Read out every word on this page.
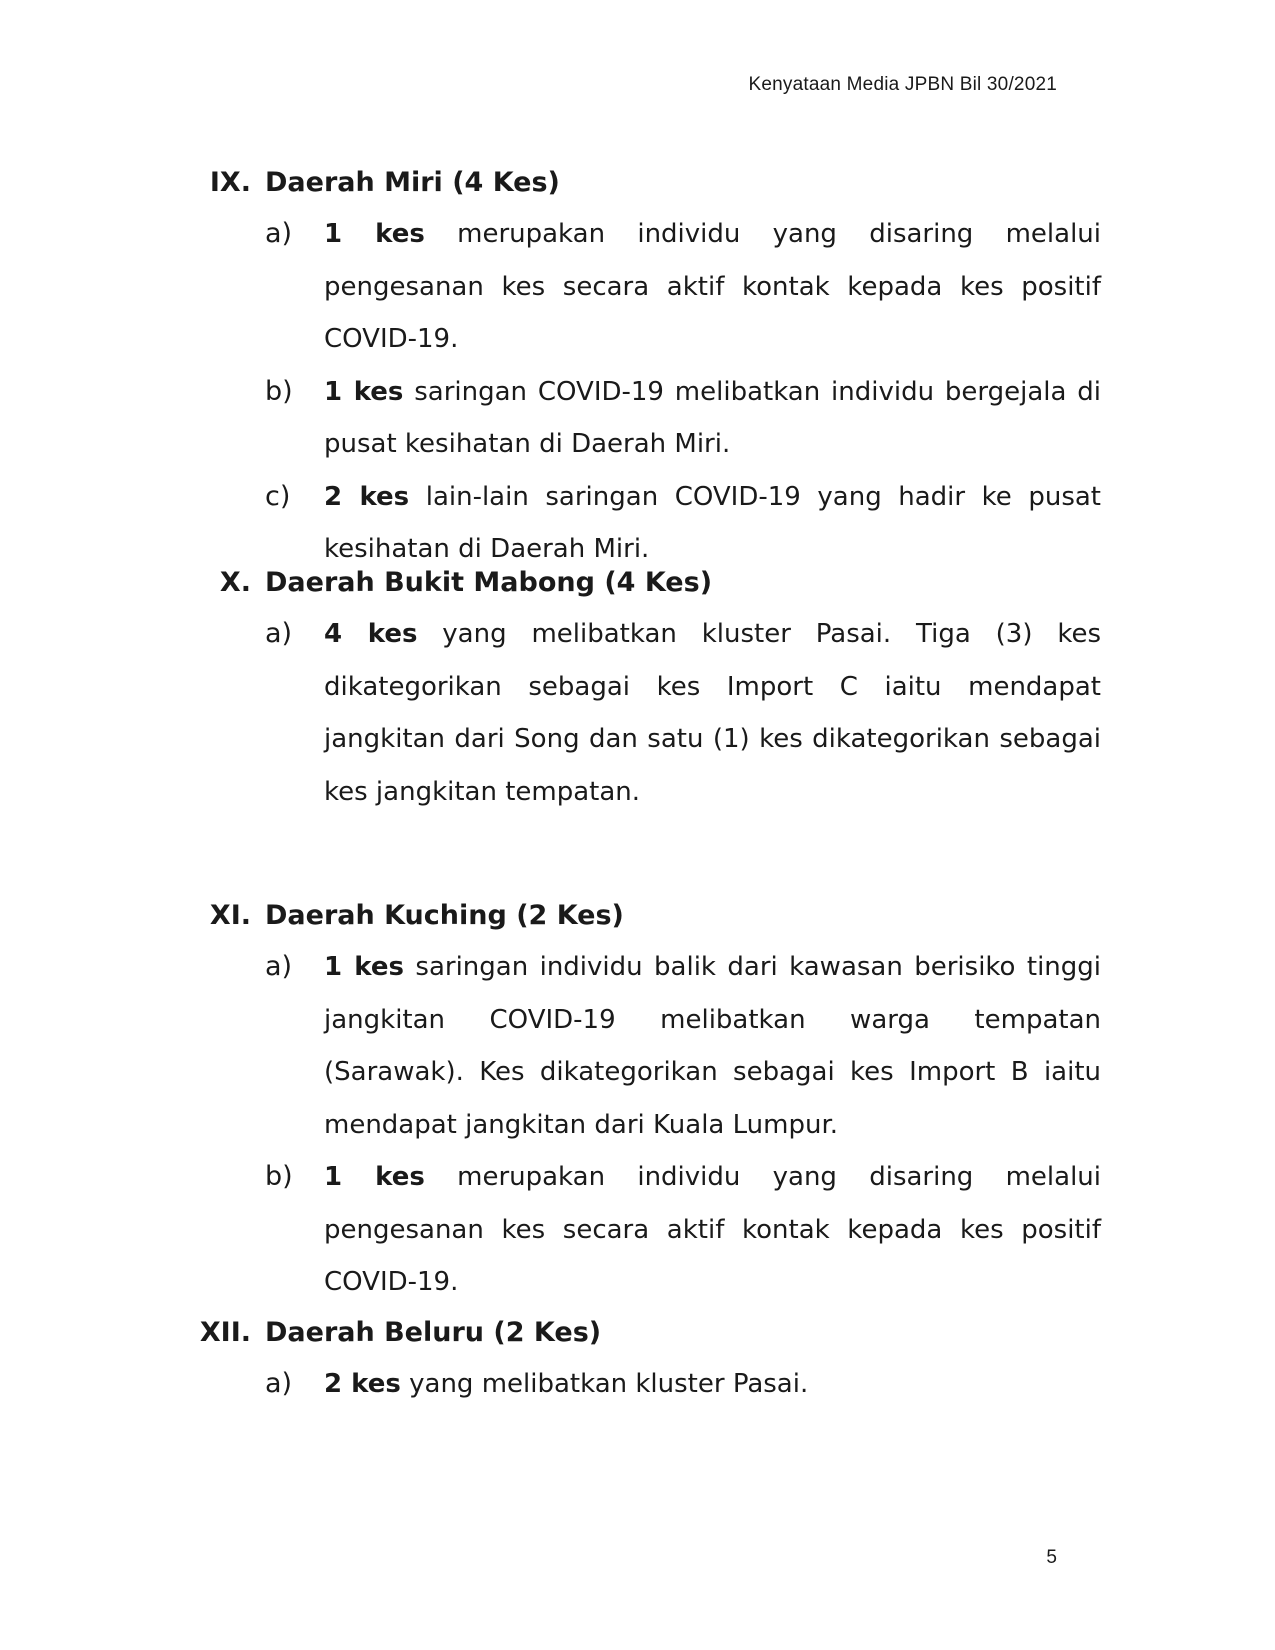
Kenyataan Media JPBN Bil 30/2021
IX. Daerah Miri (4 Kes)
a) 1 kes merupakan individu yang disaring melalui pengesanan kes secara aktif kontak kepada kes positif COVID-19.
b) 1 kes saringan COVID-19 melibatkan individu bergejala di pusat kesihatan di Daerah Miri.
c) 2 kes lain-lain saringan COVID-19 yang hadir ke pusat kesihatan di Daerah Miri.
X. Daerah Bukit Mabong (4 Kes)
a) 4 kes yang melibatkan kluster Pasai. Tiga (3) kes dikategorikan sebagai kes Import C iaitu mendapat jangkitan dari Song dan satu (1) kes dikategorikan sebagai kes jangkitan tempatan.
XI. Daerah Kuching (2 Kes)
a) 1 kes saringan individu balik dari kawasan berisiko tinggi jangkitan COVID-19 melibatkan warga tempatan (Sarawak). Kes dikategorikan sebagai kes Import B iaitu mendapat jangkitan dari Kuala Lumpur.
b) 1 kes merupakan individu yang disaring melalui pengesanan kes secara aktif kontak kepada kes positif COVID-19.
XII. Daerah Beluru (2 Kes)
a) 2 kes yang melibatkan kluster Pasai.
5
